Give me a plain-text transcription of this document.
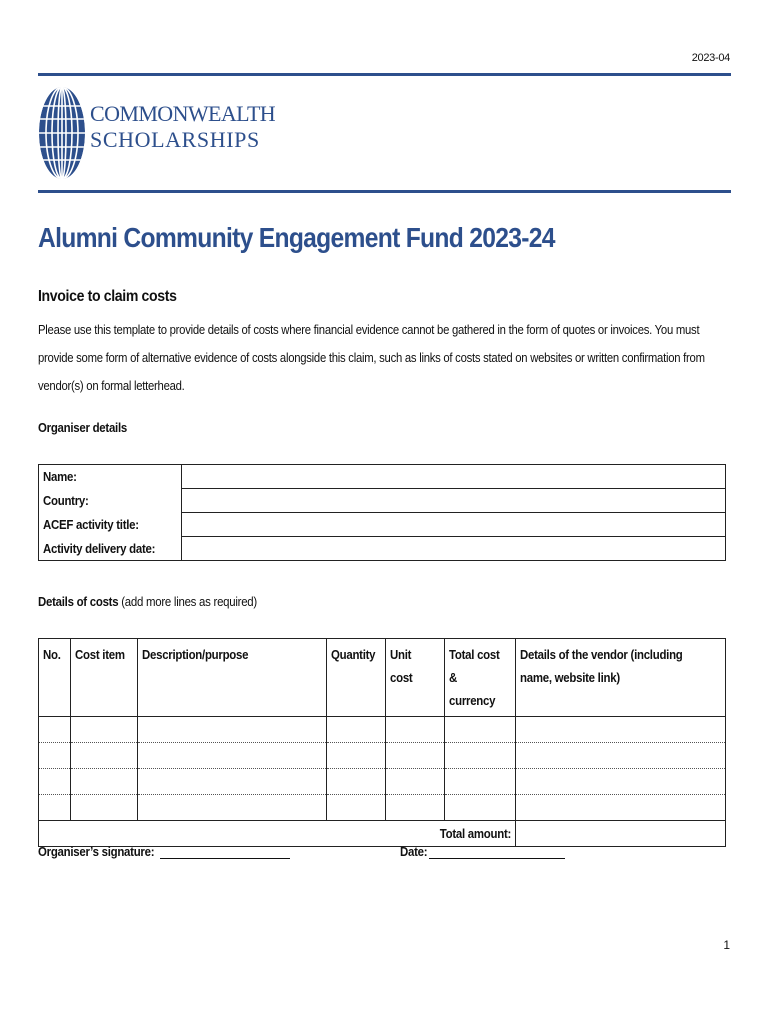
2023-04
COMMONWEALTH
SCHOLARSHIPS
Alumni Community Engagement Fund 2023-24
Invoice to claim costs
Please use this template to provide details of costs where financial evidence cannot be gathered in the form of quotes or invoices. You must provide some form of alternative evidence of costs alongside this claim, such as links of costs stated on websites or written confirmation from vendor(s) on formal letterhead.
Organiser details
Name:	
Country:	
ACEF activity title:	
Activity delivery date:	
Details of costs (add more lines as required)
No.	Cost item	Description/purpose	Quantity	Unit cost	Total cost & currency	Details of the vendor (including name, website link)

Total amount:						
Organiser’s signature:	Date:
1
